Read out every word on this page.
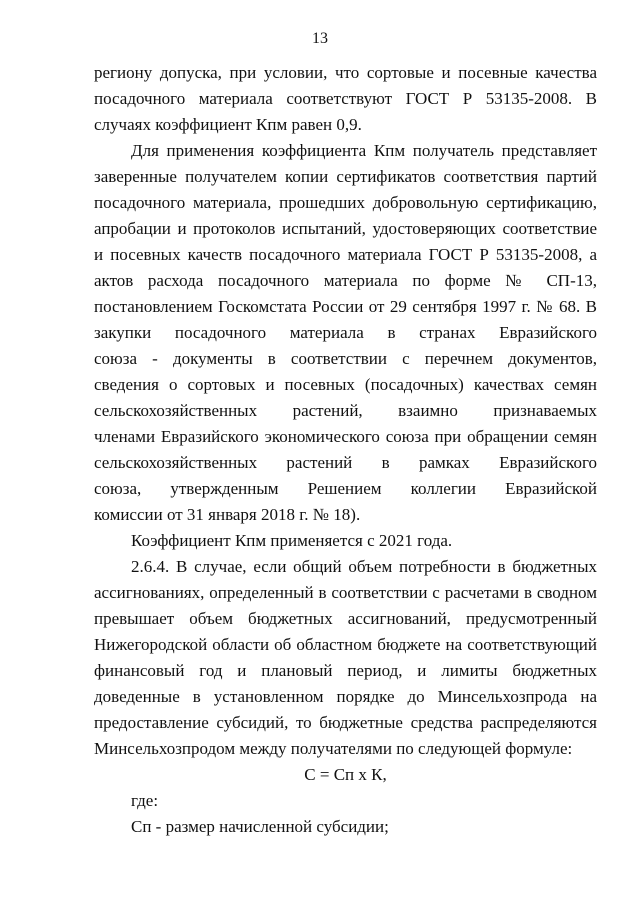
13
региону допуска, при условии, что сортовые и посевные качества
посадочного материала соответствуют ГОСТ Р 53135-2008. В
случаях коэффициент Кпм равен 0,9.
Для применения коэффициента Кпм получатель представляет
заверенные получателем копии сертификатов соответствия партий
посадочного материала, прошедших добровольную сертификацию,
апробации и протоколов испытаний, удостоверяющих соответствие
и посевных качеств посадочного материала ГОСТ Р 53135-2008, а
актов расхода посадочного материала по форме № СП-13,
постановлением Госкомстата России от 29 сентября 1997 г. № 68. В
закупки посадочного материала в странах Евразийского
союза - документы в соответствии с перечнем документов,
сведения о сортовых и посевных (посадочных) качествах семян
сельскохозяйственных растений, взаимно признаваемых
членами Евразийского экономического союза при обращении семян
сельскохозяйственных растений в рамках Евразийского
союза, утвержденным Решением коллегии Евразийской
комиссии от 31 января 2018 г. № 18).
Коэффициент Кпм применяется с 2021 года.
2.6.4. В случае, если общий объем потребности в бюджетных
ассигнованиях, определенный в соответствии с расчетами в сводном
превышает объем бюджетных ассигнований, предусмотренный
Нижегородской области об областном бюджете на соответствующий
финансовый год и плановый период, и лимиты бюджетных
доведенные в установленном порядке до Минсельхозпрода на
предоставление субсидий, то бюджетные средства распределяются
Минсельхозпродом между получателями по следующей формуле:
С = Сп х К,
где:
Сп - размер начисленной субсидии;
